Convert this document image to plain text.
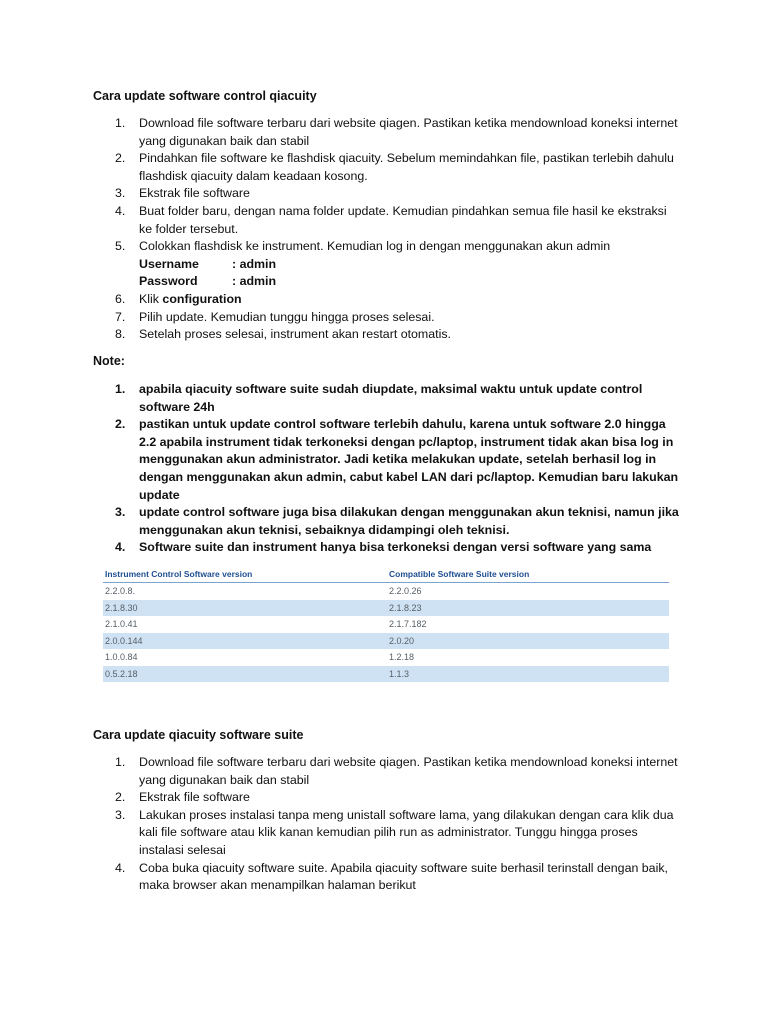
Cara update software control qiacuity
1. Download file software terbaru dari website qiagen. Pastikan ketika mendownload koneksi internet yang digunakan baik dan stabil
2. Pindahkan file software ke flashdisk qiacuity. Sebelum memindahkan file, pastikan terlebih dahulu flashdisk qiacuity dalam keadaan kosong.
3. Ekstrak file software
4. Buat folder baru, dengan nama folder update. Kemudian pindahkan semua file hasil ke ekstraksi ke folder tersebut.
5. Colokkan flashdisk ke instrument. Kemudian log in dengan menggunakan akun admin
Username	: admin
Password	: admin
6. Klik configuration
7. Pilih update. Kemudian tunggu hingga proses selesai.
8. Setelah proses selesai, instrument akan restart otomatis.
Note:
1. apabila qiacuity software suite sudah diupdate, maksimal waktu untuk update control software 24h
2. pastikan untuk update control software terlebih dahulu, karena untuk software 2.0 hingga 2.2 apabila instrument tidak terkoneksi dengan pc/laptop, instrument tidak akan bisa log in menggunakan akun administrator. Jadi ketika melakukan update, setelah berhasil log in dengan menggunakan akun admin, cabut kabel LAN dari pc/laptop. Kemudian baru lakukan update
3. update control software juga bisa dilakukan dengan menggunakan akun teknisi, namun jika menggunakan akun teknisi, sebaiknya didampingi oleh teknisi.
4. Software suite dan instrument hanya bisa terkoneksi dengan versi software yang sama
Instrument Control Software version	Compatible Software Suite version
2.2.0.8.	2.2.0.26
2.1.8.30	2.1.8.23
2.1.0.41	2.1.7.182
2.0.0.144	2.0.20
1.0.0.84	1.2.18
0.5.2.18	1.1.3
Cara update qiacuity software suite
1. Download file software terbaru dari website qiagen. Pastikan ketika mendownload koneksi internet yang digunakan baik dan stabil
2. Ekstrak file software
3. Lakukan proses instalasi tanpa meng unistall software lama, yang dilakukan dengan cara klik dua kali file software atau klik kanan kemudian pilih run as administrator. Tunggu hingga proses instalasi selesai
4. Coba buka qiacuity software suite. Apabila qiacuity software suite berhasil terinstall dengan baik, maka browser akan menampilkan halaman berikut
